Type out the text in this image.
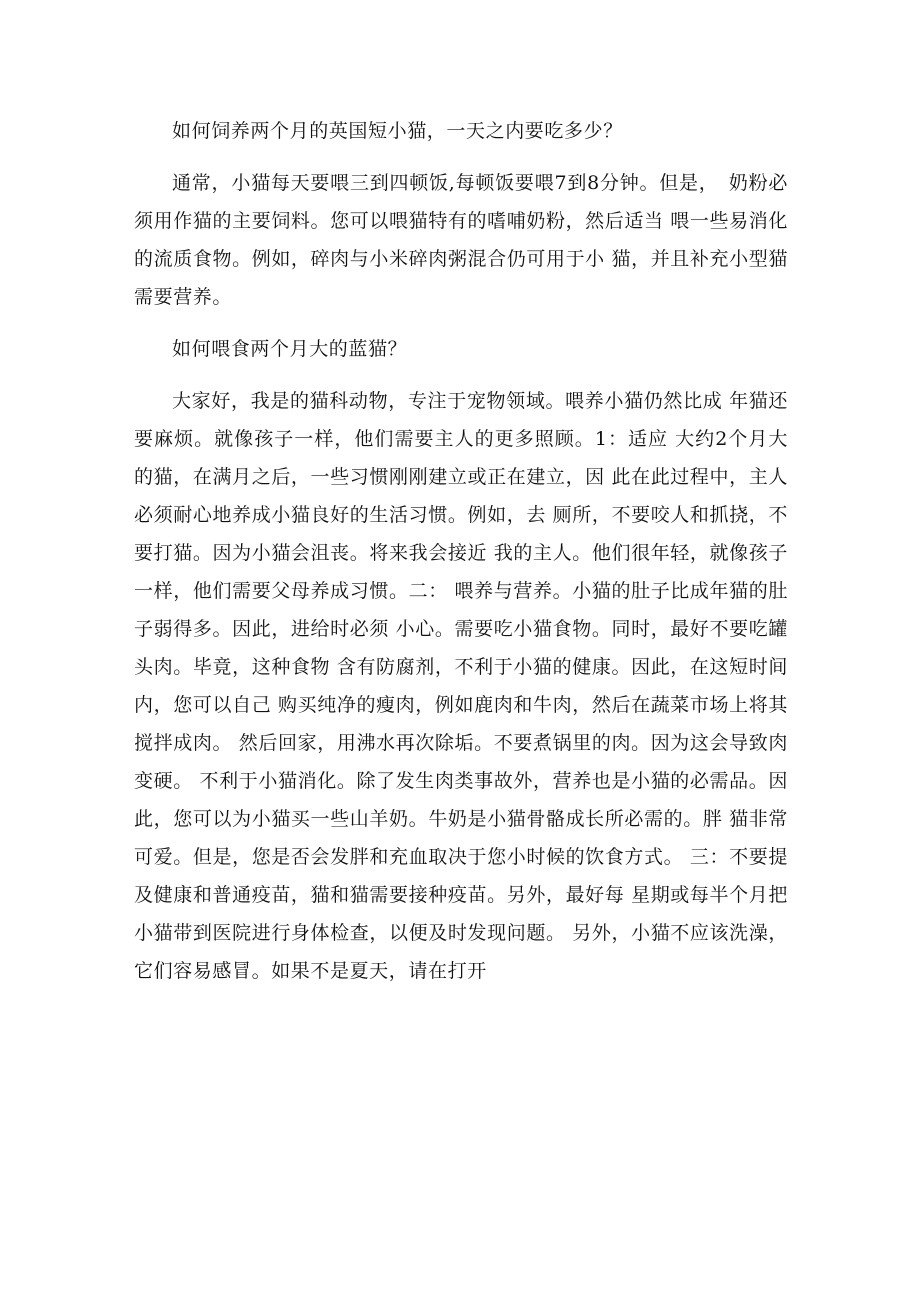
如何饲养两个月的英国短小猫，一天之内要吃多少？

通常，小猫每天要喂三到四顿饭,每顿饭要喂7到8分钟。但是，　奶粉必须用作猫的主要饲料。您可以喂猫特有的嗜哺奶粉，然后适当 喂一些易消化的流质食物。例如，碎肉与小米碎肉粥混合仍可用于小 猫，并且补充小型猫需要营养。

如何喂食两个月大的蓝猫？

大家好，我是的猫科动物，专注于宠物领域。喂养小猫仍然比成 年猫还要麻烦。就像孩子一样，他们需要主人的更多照顾。1：适应 大约2个月大的猫，在满月之后，一些习惯刚刚建立或正在建立，因 此在此过程中，主人必须耐心地养成小猫良好的生活习惯。例如，去 厕所，不要咬人和抓挠，不要打猫。因为小猫会沮丧。将来我会接近 我的主人。他们很年轻，就像孩子一样，他们需要父母养成习惯。二： 喂养与营养。小猫的肚子比成年猫的肚子弱得多。因此，进给时必须 小心。需要吃小猫食物。同时，最好不要吃罐头肉。毕竟，这种食物 含有防腐剂，不利于小猫的健康。因此，在这短时间内，您可以自己 购买纯净的瘦肉，例如鹿肉和牛肉，然后在蔬菜市场上将其搅拌成肉。 然后回家，用沸水再次除垢。不要煮锅里的肉。因为这会导致肉变硬。 不利于小猫消化。除了发生肉类事故外，营养也是小猫的必需品。因 此，您可以为小猫买一些山羊奶。牛奶是小猫骨骼成长所必需的。胖 猫非常可爱。但是，您是否会发胖和充血取决于您小时候的饮食方式。 三：不要提及健康和普通疫苗，猫和猫需要接种疫苗。另外，最好每 星期或每半个月把小猫带到医院进行身体检查，以便及时发现问题。 另外，小猫不应该洗澡，它们容易感冒。如果不是夏天，请在打开
